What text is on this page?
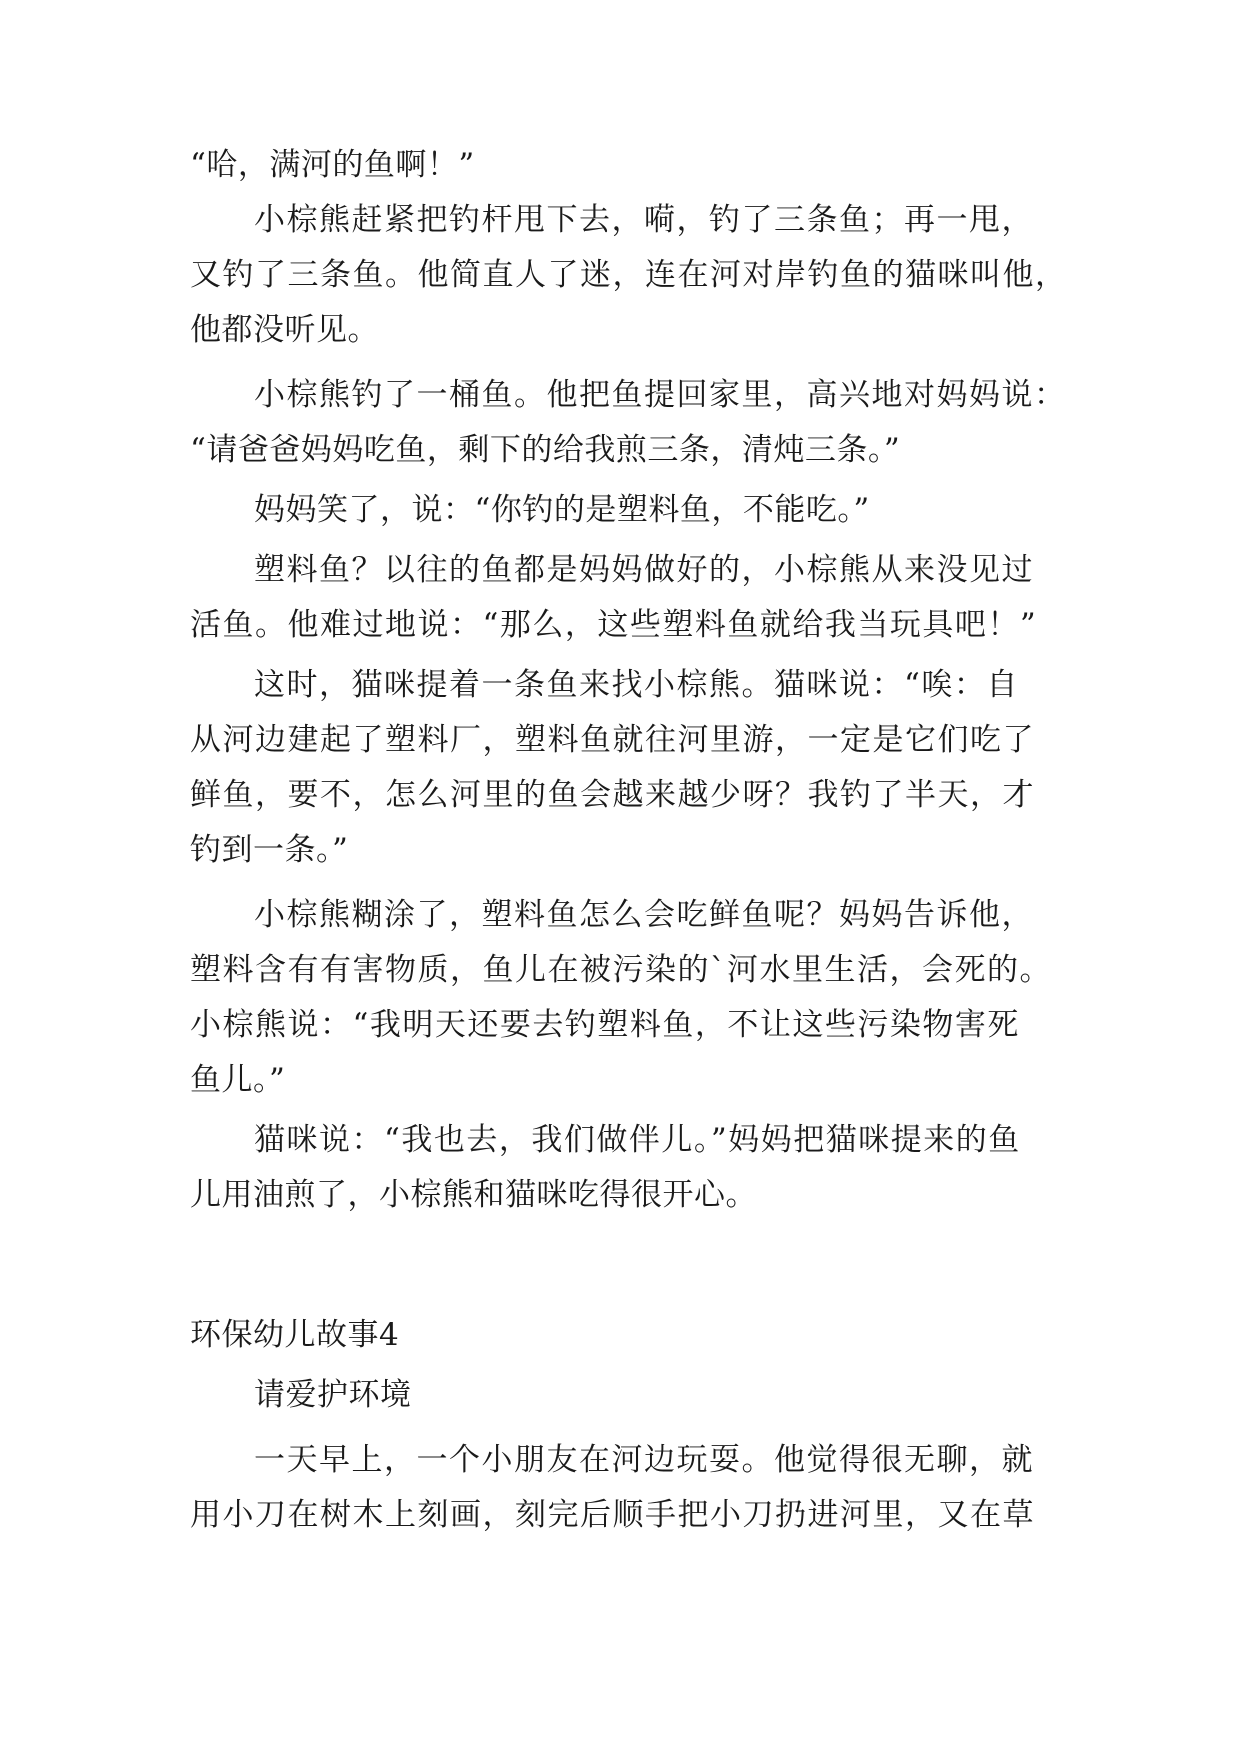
“哈，满河的鱼啊！”
小棕熊赶紧把钓杆甩下去，嗬，钓了三条鱼；再一甩，
又钓了三条鱼。他简直人了迷，连在河对岸钓鱼的猫咪叫他，
他都没听见。
小棕熊钓了一桶鱼。他把鱼提回家里，高兴地对妈妈说：
“请爸爸妈妈吃鱼，剩下的给我煎三条，清炖三条。”
妈妈笑了，说：“你钓的是塑料鱼，不能吃。”
塑料鱼？以往的鱼都是妈妈做好的，小棕熊从来没见过
活鱼。他难过地说：“那么，这些塑料鱼就给我当玩具吧！”
这时，猫咪提着一条鱼来找小棕熊。猫咪说：“唉：自
从河边建起了塑料厂，塑料鱼就往河里游，一定是它们吃了
鲜鱼，要不，怎么河里的鱼会越来越少呀？我钓了半天，才
钓到一条。”
小棕熊糊涂了，塑料鱼怎么会吃鲜鱼呢？妈妈告诉他，
塑料含有有害物质，鱼儿在被污染的`河水里生活，会死的。
小棕熊说：“我明天还要去钓塑料鱼，不让这些污染物害死
鱼儿。”
猫咪说：“我也去，我们做伴儿。”妈妈把猫咪提来的鱼
儿用油煎了，小棕熊和猫咪吃得很开心。
环保幼儿故事4
请爱护环境
一天早上，一个小朋友在河边玩耍。他觉得很无聊，就
用小刀在树木上刻画，刻完后顺手把小刀扔进河里，又在草
